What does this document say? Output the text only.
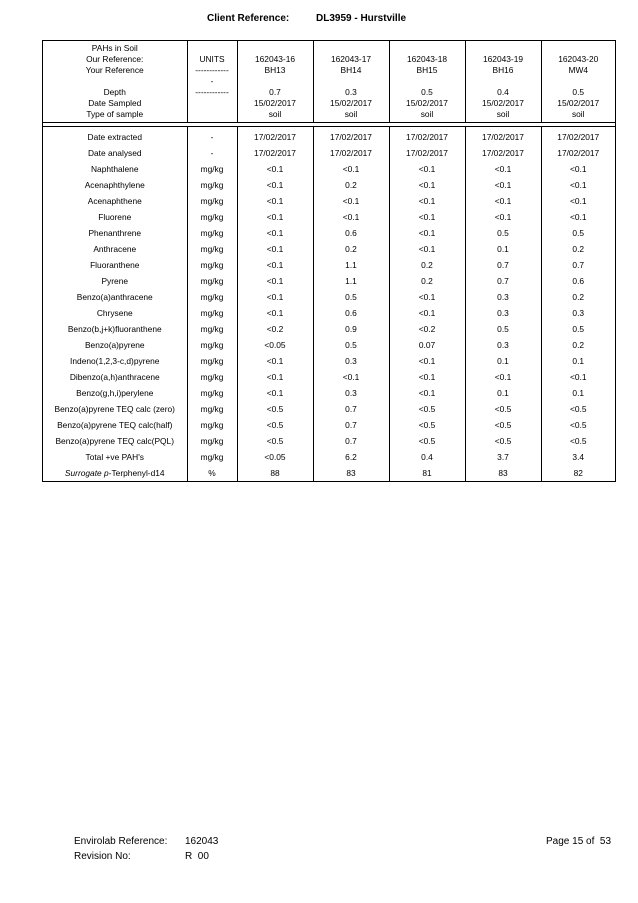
Client Reference:	DL3959 - Hurstville
PAHs in Soil						
Our Reference:	UNITS	162043-16	162043-17	162043-18	162043-19	162043-20
Your Reference	------------	BH13	BH14	BH15	BH16	MW4
	-					
Depth	------------	0.7	0.3	0.5	0.4	0.5
Date Sampled		15/02/2017	15/02/2017	15/02/2017	15/02/2017	15/02/2017
Type of sample		soil	soil	soil	soil	soil
Date extracted	-	17/02/2017	17/02/2017	17/02/2017	17/02/2017	17/02/2017
Date analysed	-	17/02/2017	17/02/2017	17/02/2017	17/02/2017	17/02/2017
Naphthalene	mg/kg	<0.1	<0.1	<0.1	<0.1	<0.1
Acenaphthylene	mg/kg	<0.1	0.2	<0.1	<0.1	<0.1
Acenaphthene	mg/kg	<0.1	<0.1	<0.1	<0.1	<0.1
Fluorene	mg/kg	<0.1	<0.1	<0.1	<0.1	<0.1
Phenanthrene	mg/kg	<0.1	0.6	<0.1	0.5	0.5
Anthracene	mg/kg	<0.1	0.2	<0.1	0.1	0.2
Fluoranthene	mg/kg	<0.1	1.1	0.2	0.7	0.7
Pyrene	mg/kg	<0.1	1.1	0.2	0.7	0.6
Benzo(a)anthracene	mg/kg	<0.1	0.5	<0.1	0.3	0.2
Chrysene	mg/kg	<0.1	0.6	<0.1	0.3	0.3
Benzo(b,j+k)fluoranthene	mg/kg	<0.2	0.9	<0.2	0.5	0.5
Benzo(a)pyrene	mg/kg	<0.05	0.5	0.07	0.3	0.2
Indeno(1,2,3-c,d)pyrene	mg/kg	<0.1	0.3	<0.1	0.1	0.1
Dibenzo(a,h)anthracene	mg/kg	<0.1	<0.1	<0.1	<0.1	<0.1
Benzo(g,h,i)perylene	mg/kg	<0.1	0.3	<0.1	0.1	0.1
Benzo(a)pyrene TEQ calc (zero)	mg/kg	<0.5	0.7	<0.5	<0.5	<0.5
Benzo(a)pyrene TEQ calc(half)	mg/kg	<0.5	0.7	<0.5	<0.5	<0.5
Benzo(a)pyrene TEQ calc(PQL)	mg/kg	<0.5	0.7	<0.5	<0.5	<0.5
Total +ve PAH's	mg/kg	<0.05	6.2	0.4	3.7	3.4
Surrogate p-Terphenyl-d14	%	88	83	81	83	82
Envirolab Reference: 162043
Revision No:	R  00
Page 15 of  53
